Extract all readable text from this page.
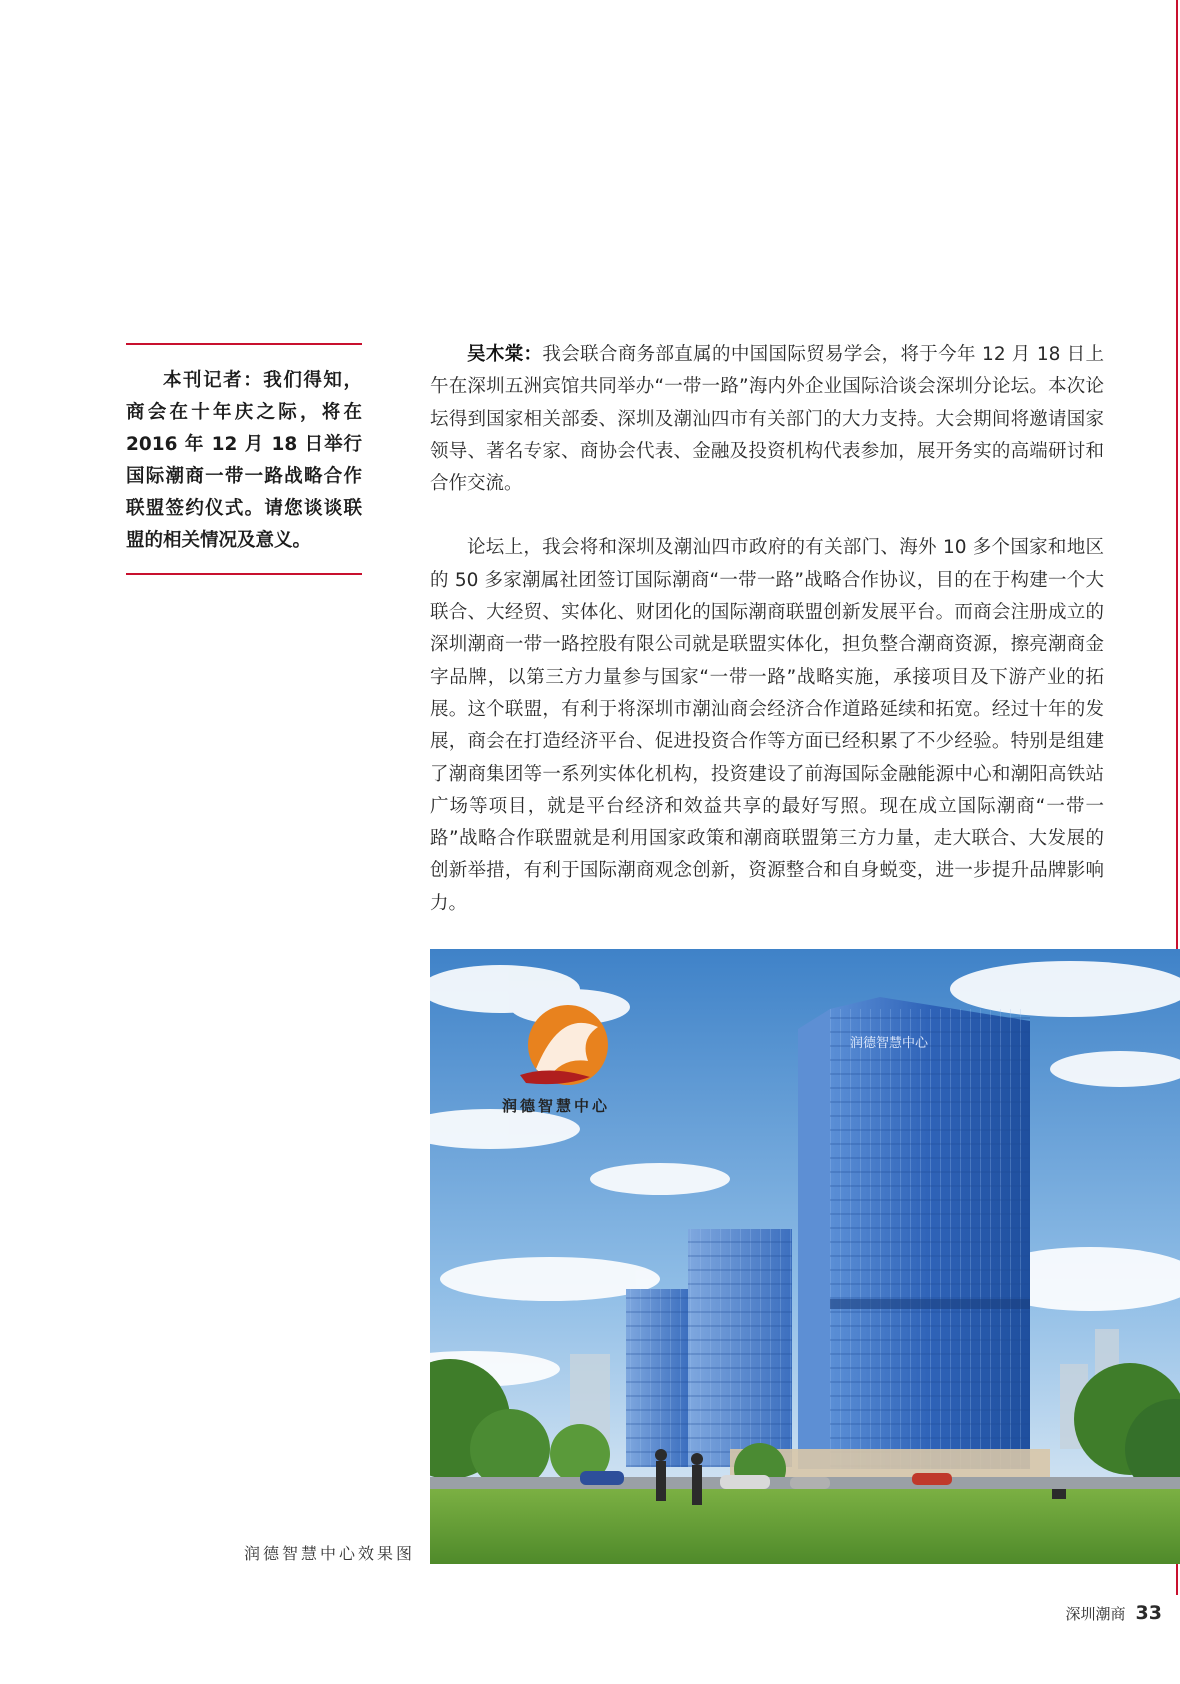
本刊记者：我们得知，商会在十年庆之际，将在2016 年 12 月 18 日举行国际潮商一带一路战略合作联盟签约仪式。请您谈谈联盟的相关情况及意义。

吴木棠：我会联合商务部直属的中国国际贸易学会，将于今年 12 月 18 日上午在深圳五洲宾馆共同举办“一带一路”海内外企业国际洽谈会深圳分论坛。本次论坛得到国家相关部委、深圳及潮汕四市有关部门的大力支持。大会期间将邀请国家领导、著名专家、商协会代表、金融及投资机构代表参加，展开务实的高端研讨和合作交流。

论坛上，我会将和深圳及潮汕四市政府的有关部门、海外 10 多个国家和地区的 50 多家潮属社团签订国际潮商“一带一路”战略合作协议，目的在于构建一个大联合、大经贸、实体化、财团化的国际潮商联盟创新发展平台。而商会注册成立的深圳潮商一带一路控股有限公司就是联盟实体化，担负整合潮商资源，擦亮潮商金字品牌，以第三方力量参与国家“一带一路”战略实施，承接项目及下游产业的拓展。这个联盟，有利于将深圳市潮汕商会经济合作道路延续和拓宽。经过十年的发展，商会在打造经济平台、促进投资合作等方面已经积累了不少经验。特别是组建了潮商集团等一系列实体化机构，投资建设了前海国际金融能源中心和潮阳高铁站广场等项目，就是平台经济和效益共享的最好写照。现在成立国际潮商“一带一路”战略合作联盟就是利用国家政策和潮商联盟第三方力量，走大联合、大发展的创新举措，有利于国际潮商观念创新，资源整合和自身蜕变，进一步提升品牌影响力。

润德智慧中心
润德智慧中心
润德智慧中心效果图
深圳潮商 33
